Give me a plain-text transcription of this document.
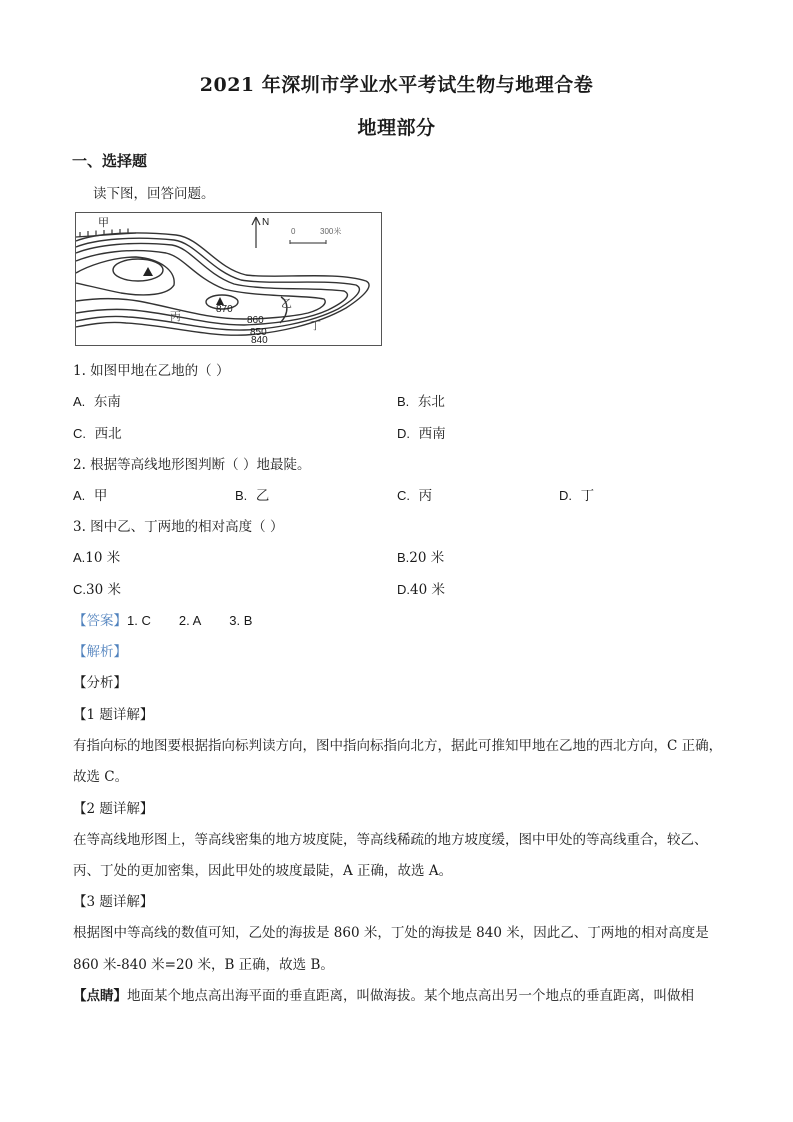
2021 年深圳市学业水平考试生物与地理合卷
地理部分
一、选择题
读下图，回答问题。
甲	N
0	300米
870
860
850
840
乙
丙
丁
1. 如图甲地在乙地的（ ）
A. 东南	B. 东北
C. 西北	D. 西南
2. 根据等高线地形图判断（ ）地最陡。
A. 甲	B. 乙	C. 丙	D. 丁
3. 图中乙、丁两地的相对高度（ ）
A.10 米	B.20 米
C.30 米	D.40 米
【答案】1. C 2. A 3. B
【解析】
【分析】
【1 题详解】
有指向标的地图要根据指向标判读方向，图中指向标指向北方，据此可推知甲地在乙地的西北方向，C 正确，
故选 C。
【2 题详解】
在等高线地形图上，等高线密集的地方坡度陡，等高线稀疏的地方坡度缓，图中甲处的等高线重合，较乙、
丙、丁处的更加密集，因此甲处的坡度最陡，A 正确，故选 A。
【3 题详解】
根据图中等高线的数值可知，乙处的海拔是 860 米，丁处的海拔是 840 米，因此乙、丁两地的相对高度是
860 米-840 米=20 米，B 正确，故选 B。
【点睛】地面某个地点高出海平面的垂直距离，叫做海拔。某个地点高出另一个地点的垂直距离，叫做相
